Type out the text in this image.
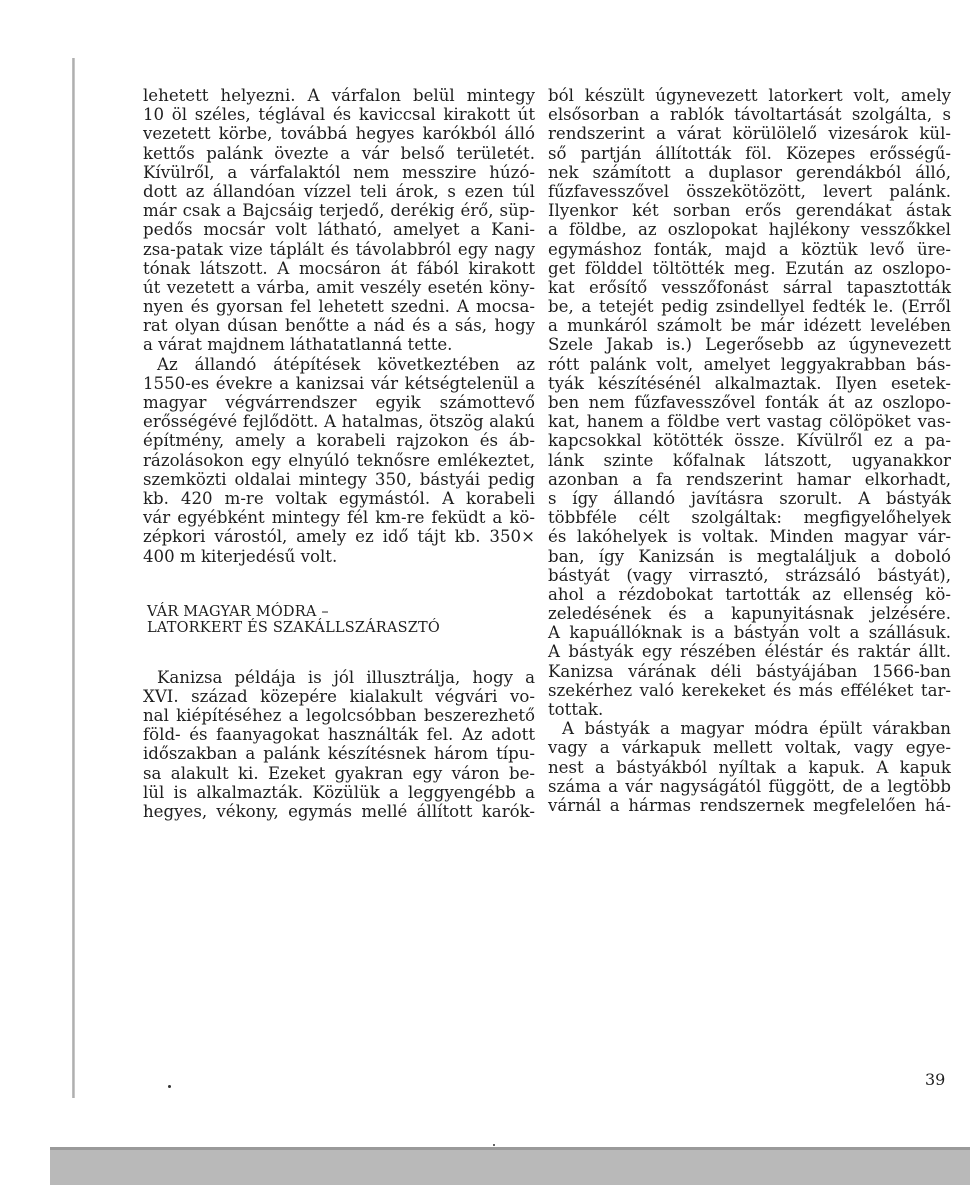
lehetett helyezni. A várfalon belül mintegy
10 öl széles, téglával és kaviccsal kirakott út
vezetett körbe, továbbá hegyes karókból álló
kettős palánk övezte a vár belső területét.
Kívülről, a várfalaktól nem messzire húzó-
dott az állandóan vízzel teli árok, s ezen túl
már csak a Bajcsáig terjedő, derékig érő, süp-
pedős mocsár volt látható, amelyet a Kani-
zsa-patak vize táplált és távolabbról egy nagy
tónak látszott. A mocsáron át fából kirakott
út vezetett a várba, amit veszély esetén köny-
nyen és gyorsan fel lehetett szedni. A mocsa-
rat olyan dúsan benőtte a nád és a sás, hogy
a várat majdnem láthatatlanná tette.
Az állandó átépítések következtében az
1550-es évekre a kanizsai vár kétségtelenül a
magyar végvárrendszer egyik számottevő
erősségévé fejlődött. A hatalmas, ötszög alakú
építmény, amely a korabeli rajzokon és áb-
rázolásokon egy elnyúló teknősre emlékeztet,
szemközti oldalai mintegy 350, bástyái pedig
kb. 420 m-re voltak egymástól. A korabeli
vár egyébként mintegy fél km-re feküdt a kö-
zépkori várostól, amely ez idő tájt kb. 350×
400 m kiterjedésű volt.
VÁR MAGYAR MÓDRA –
LATORKERT ÉS SZAKÁLLSZÁRASZTÓ
Kanizsa példája is jól illusztrálja, hogy a
XVI. század közepére kialakult végvári vo-
nal kiépítéséhez a legolcsóbban beszerezhető
föld- és faanyagokat használták fel. Az adott
időszakban a palánk készítésnek három típu-
sa alakult ki. Ezeket gyakran egy váron be-
lül is alkalmazták. Közülük a leggyengébb a
hegyes, vékony, egymás mellé állított karók-
ból készült úgynevezett latorkert volt, amely
elsősorban a rablók távoltartását szolgálta, s
rendszerint a várat körülölelő vizesárok kül-
ső partján állították föl. Közepes erősségű-
nek számított a duplasor gerendákból álló,
fűzfavesszővel összekötözött, levert palánk.
Ilyenkor két sorban erős gerendákat ástak
a földbe, az oszlopokat hajlékony vesszőkkel
egymáshoz fonták, majd a köztük levő üre-
get földdel töltötték meg. Ezután az oszlopo-
kat erősítő vesszőfonást sárral tapasztották
be, a tetejét pedig zsindellyel fedték le. (Erről
a munkáról számolt be már idézett levelében
Szele Jakab is.) Legerősebb az úgynevezett
rótt palánk volt, amelyet leggyakrabban bás-
tyák készítésénél alkalmaztak. Ilyen esetek-
ben nem fűzfavesszővel fonták át az oszlopo-
kat, hanem a földbe vert vastag cölöpöket vas-
kapcsokkal kötötték össze. Kívülről ez a pa-
lánk szinte kőfalnak látszott, ugyanakkor
azonban a fa rendszerint hamar elkorhadt,
s így állandó javításra szorult. A bástyák
többféle célt szolgáltak: megfigyelőhelyek
és lakóhelyek is voltak. Minden magyar vár-
ban, így Kanizsán is megtaláljuk a doboló
bástyát (vagy virrasztó, strázsáló bástyát),
ahol a rézdobokat tartották az ellenség kö-
zeledésének és a kapunyitásnak jelzésére.
A kapuállóknak is a bástyán volt a szállásuk.
A bástyák egy részében éléstár és raktár állt.
Kanizsa várának déli bástyájában 1566-ban
szekérhez való kerekeket és más efféléket tar-
tottak.
A bástyák a magyar módra épült várakban
vagy a várkapuk mellett voltak, vagy egye-
nest a bástyákból nyíltak a kapuk. A kapuk
száma a vár nagyságától függött, de a legtöbb
várnál a hármas rendszernek megfelelően há-
39
